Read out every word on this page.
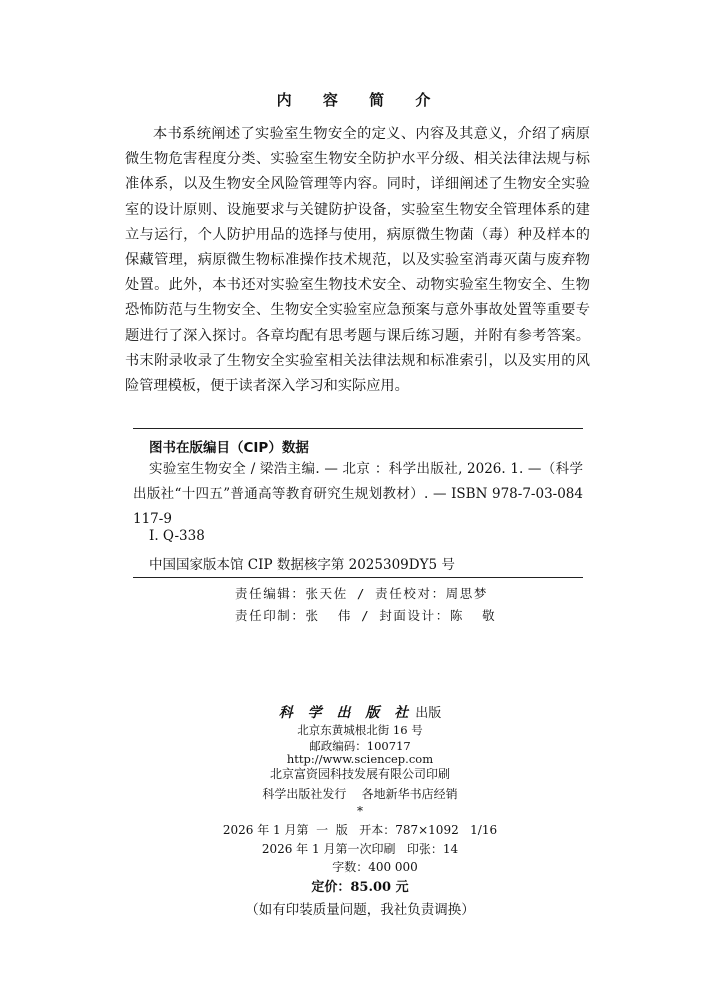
内 容 简 介

本书系统阐述了实验室生物安全的定义、内容及其意义，介绍了病原微生物危害程度分类、实验室生物安全防护水平分级、相关法律法规与标准体系，以及生物安全风险管理等内容。同时，详细阐述了生物安全实验室的设计原则、设施要求与关键防护设备，实验室生物安全管理体系的建立与运行，个人防护用品的选择与使用，病原微生物菌（毒）种及样本的保藏管理，病原微生物标准操作技术规范，以及实验室消毒灭菌与废弃物处置。此外，本书还对实验室生物技术安全、动物实验室生物安全、生物恐怖防范与生物安全、生物安全实验室应急预案与意外事故处置等重要专题进行了深入探讨。各章均配有思考题与课后练习题，并附有参考答案。书末附录收录了生物安全实验室相关法律法规和标准索引，以及实用的风险管理模板，便于读者深入学习和实际应用。

图书在版编目（CIP）数据

实验室生物安全 / 梁浩主编. — 北京 ：科学出版社, 2026. 1. —（科学出版社“十四五”普通高等教育研究生规划教材）. — ISBN 978-7-03-084117-9

Ⅰ. Q-338
中国国家版本馆 CIP 数据核字第 2025309DY5 号
责任编辑：张天佐 / 责任校对：周思梦
责任印制：张  伟 / 封面设计：陈  敬
科 学 出 版 社 出版
北京东黄城根北街 16 号
邮政编码：100717
http://www.sciencep.com
北京富资园科技发展有限公司印刷
科学出版社发行    各地新华书店经销
*
2026 年 1 月第  一  版   开本：787×1092   1/16
2026 年 1 月第一次印刷   印张：14
字数：400 000
定价：85.00 元
（如有印装质量问题，我社负责调换）
